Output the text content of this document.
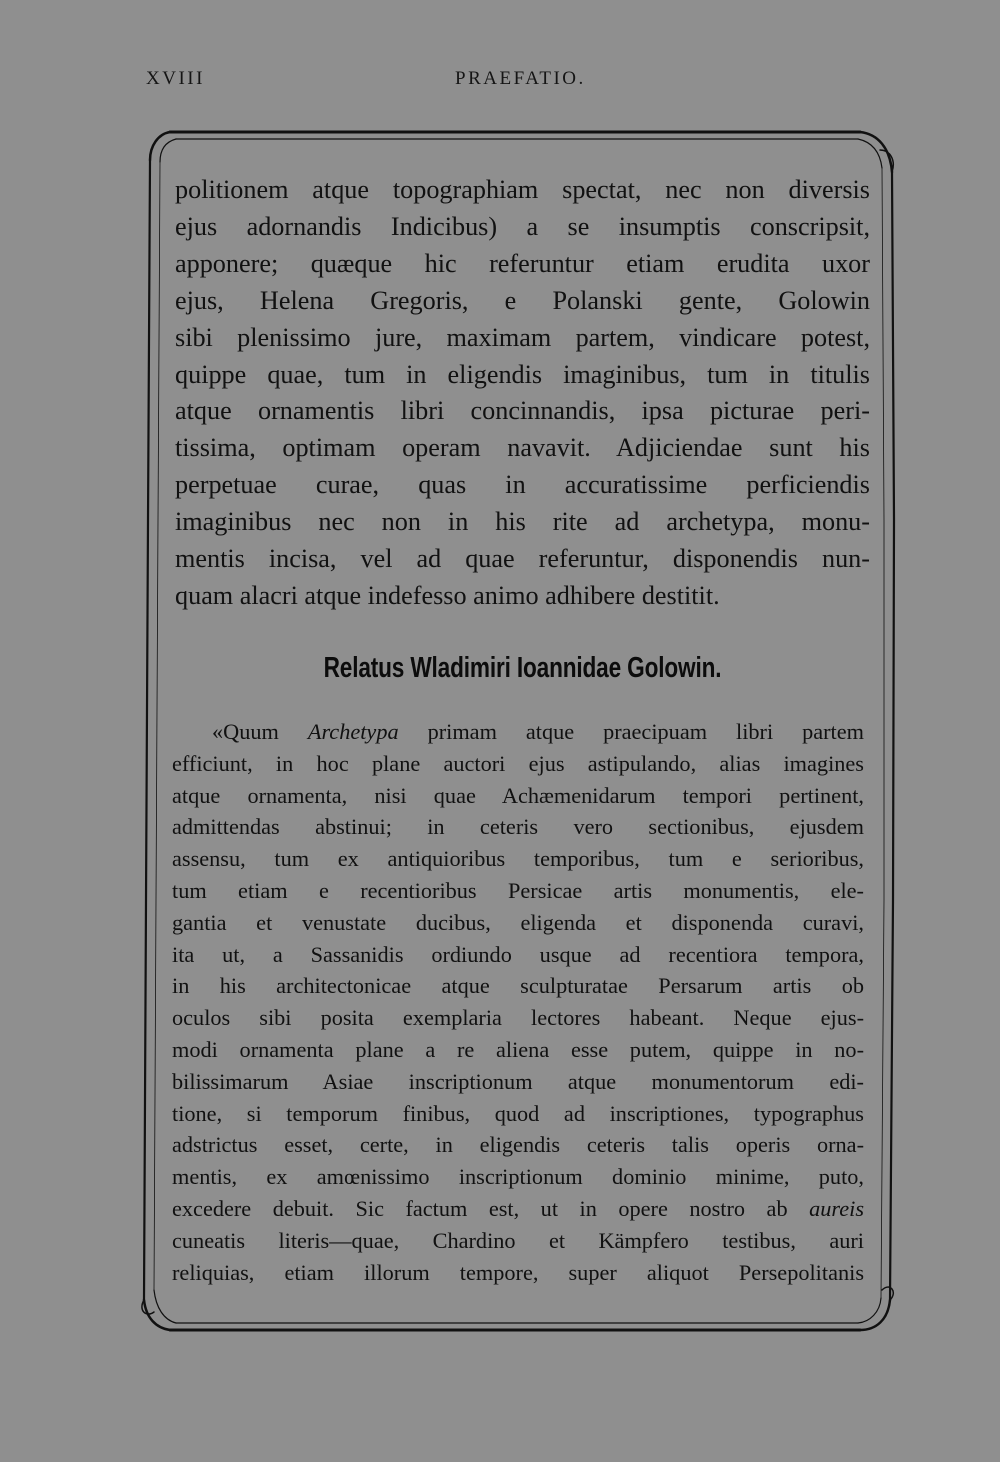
XVIII	PRAEFATIO.
politionem atque topographiam spectat, nec non diversis
ejus adornandis Indicibus) a se insumptis conscripsit,
apponere; quæque hic referuntur etiam erudita uxor
ejus, Helena Gregoris, e Polanski gente, Golowin
sibi plenissimo jure, maximam partem, vindicare potest,
quippe quae, tum in eligendis imaginibus, tum in titulis
atque ornamentis libri concinnandis, ipsa picturae peri-
tissima, optimam operam navavit. Adjiciendae sunt his
perpetuae curae, quas in accuratissime perficiendis
imaginibus nec non in his rite ad archetypa, monu-
mentis incisa, vel ad quae referuntur, disponendis nun-
quam alacri atque indefesso animo adhibere destitit.
Relatus Wladimiri Ioannidae Golowin.
«Quum Archetypa primam atque praecipuam libri partem
efficiunt, in hoc plane auctori ejus astipulando, alias imagines
atque ornamenta, nisi quae Achæmenidarum tempori pertinent,
admittendas abstinui; in ceteris vero sectionibus, ejusdem
assensu, tum ex antiquioribus temporibus, tum e serioribus,
tum etiam e recentioribus Persicae artis monumentis, ele-
gantia et venustate ducibus, eligenda et disponenda curavi,
ita ut, a Sassanidis ordiundo usque ad recentiora tempora,
in his architectonicae atque sculpturatae Persarum artis ob
oculos sibi posita exemplaria lectores habeant. Neque ejus-
modi ornamenta plane a re aliena esse putem, quippe in no-
bilissimarum Asiae inscriptionum atque monumentorum edi-
tione, si temporum finibus, quod ad inscriptiones, typographus
adstrictus esset, certe, in eligendis ceteris talis operis orna-
mentis, ex amœnissimo inscriptionum dominio minime, puto,
excedere debuit. Sic factum est, ut in opere nostro ab aureis
cuneatis literis—quae, Chardino et Kämpfero testibus, auri
reliquias, etiam illorum tempore, super aliquot Persepolitanis
